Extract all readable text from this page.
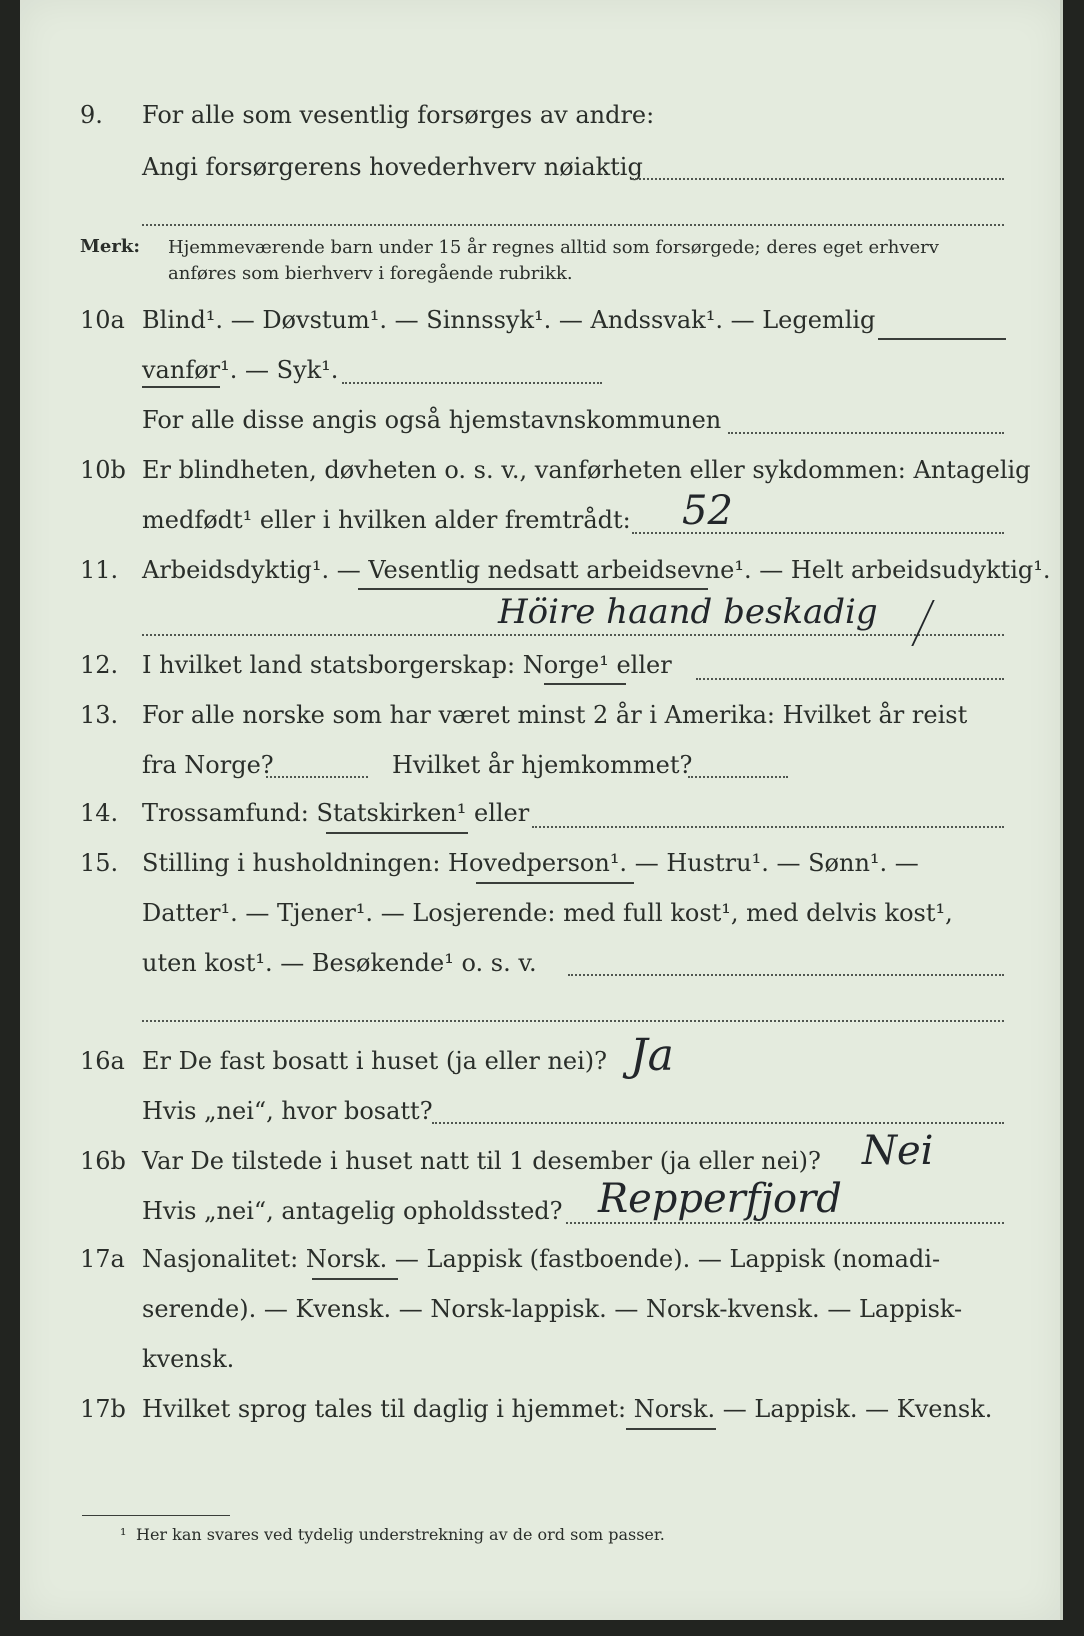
9. For alle som vesentlig forsørges av andre:
Angi forsørgerens hovederhverv nøiaktig
Merk: Hjemmeværende barn under 15 år regnes alltid som forsørgede; deres eget erhverv
anføres som bierhverv i foregående rubrikk.
10a Blind¹. — Døvstum¹. — Sinnssyk¹. — Andssvak¹. — Legemlig
vanfør¹. — Syk¹.
For alle disse angis også hjemstavnskommunen
10b Er blindheten, døvheten o. s. v., vanførheten eller sykdommen: Antagelig
medfødt¹ eller i hvilken alder fremtrådt: 52
11. Arbeidsdyktig¹. — Vesentlig nedsatt arbeidsevne¹. — Helt arbeidsudyktig¹.
Höire haand beskadig
12. I hvilket land statsborgerskap: Norge¹ eller
13. For alle norske som har været minst 2 år i Amerika: Hvilket år reist
fra Norge?	Hvilket år hjemkommet?
14. Trossamfund: Statskirken¹ eller
15. Stilling i husholdningen: Hovedperson¹. — Hustru¹. — Sønn¹. —
Datter¹. — Tjener¹. — Losjerende: med full kost¹, med delvis kost¹,
uten kost¹. — Besøkende¹ o. s. v.
16a Er De fast bosatt i huset (ja eller nei)? Ja
Hvis „nei“, hvor bosatt?
16b Var De tilstede i huset natt til 1 desember (ja eller nei)? Nei
Hvis „nei“, antagelig opholdssted? Repperfjord
17a Nasjonalitet: Norsk. — Lappisk (fastboende). — Lappisk (nomadi-
serende). — Kvensk. — Norsk-lappisk. — Norsk-kvensk. — Lappisk-
kvensk.
17b Hvilket sprog tales til daglig i hjemmet: Norsk. — Lappisk. — Kvensk.
¹ Her kan svares ved tydelig understrekning av de ord som passer.
